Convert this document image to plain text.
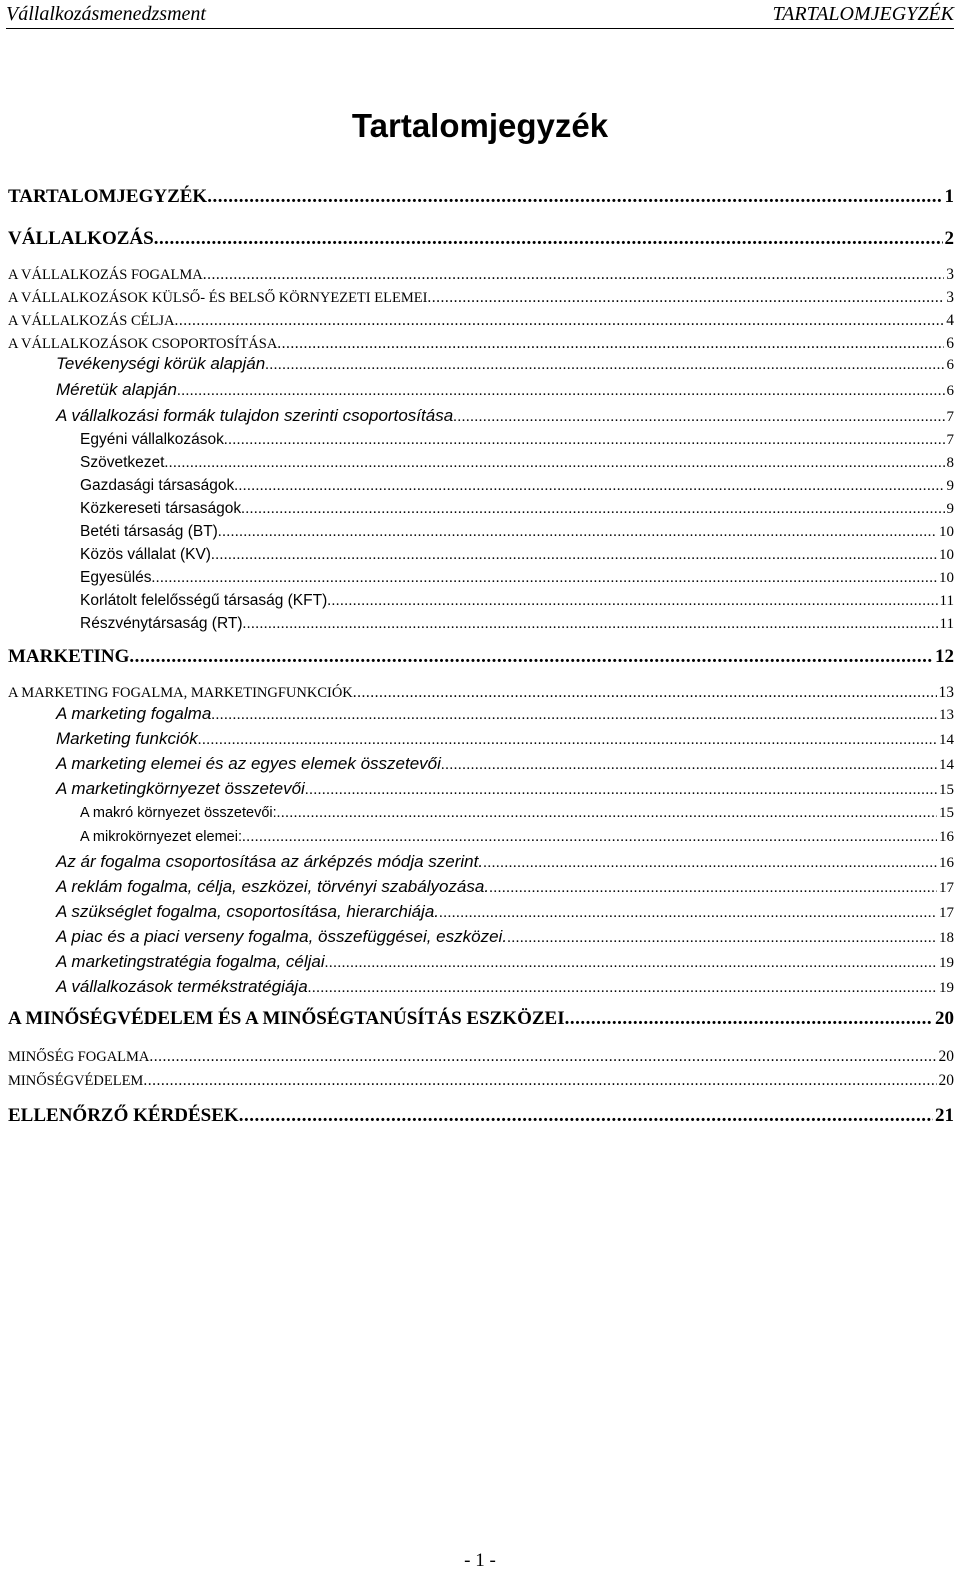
Vállalkozásmenedzsment	TARTALOMJEGYZÉK
Tartalomjegyzék
TARTALOMJEGYZÉK .....	1
VÁLLALKOZÁS .....	2
A VÁLLALKOZÁS FOGALMA .....	3
A VÁLLALKOZÁSOK KÜLSŐ- ÉS BELSŐ KÖRNYEZETI ELEMEI .....	3
A VÁLLALKOZÁS CÉLJA .....	4
A VÁLLALKOZÁSOK CSOPORTOSÍTÁSA .....	6
Tevékenységi körük alapján .....	6
Méretük alapján .....	6
A vállalkozási formák tulajdon szerinti csoportosítása .....	7
Egyéni vállalkozások .....	7
Szövetkezet .....	8
Gazdasági társaságok .....	9
Közkereseti társaságok .....	9
Betéti társaság (BT) .....	10
Közös vállalat (KV) .....	10
Egyesülés .....	10
Korlátolt felelősségű társaság (KFT) .....	11
Részvénytársaság (RT) .....	11
MARKETING .....	12
A MARKETING FOGALMA, MARKETINGFUNKCIÓK .....	13
A marketing fogalma .....	13
Marketing funkciók .....	14
A marketing elemei és az egyes elemek összetevői .....	14
A marketingkörnyezet összetevői .....	15
A makró környezet összetevői: .....	15
A mikrokörnyezet elemei: .....	16
Az ár fogalma csoportosítása az árképzés módja szerint. .....	16
A reklám fogalma, célja, eszközei, törvényi szabályozása. .....	17
A szükséglet fogalma, csoportosítása, hierarchiája. .....	17
A piac és a piaci verseny fogalma, összefüggései, eszközei. .....	18
A marketingstratégia fogalma, céljai .....	19
A vállalkozások termékstratégiája .....	19
A MINŐSÉGVÉDELEM ÉS A MINŐSÉGTANÚSÍTÁS ESZKÖZEI .....	20
MINŐSÉG FOGALMA .....	20
MINŐSÉGVÉDELEM .....	20
ELLENŐRZŐ KÉRDÉSEK .....	21
- 1 -
